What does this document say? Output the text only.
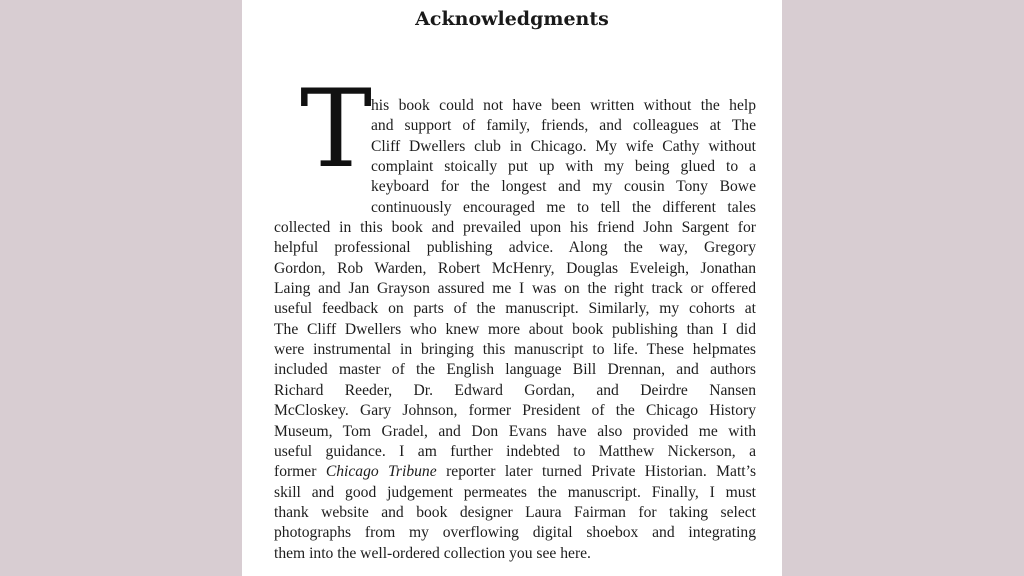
Acknowledgments
T
his book could not have been written without the help
and support of family, friends, and colleagues at The
Cliff Dwellers club in Chicago. My wife Cathy without
complaint stoically put up with my being glued to a
keyboard for the longest and my cousin Tony Bowe
continuously encouraged me to tell the different tales
collected in this book and prevailed upon his friend John Sargent for
helpful professional publishing advice. Along the way, Gregory
Gordon, Rob Warden, Robert McHenry, Douglas Eveleigh, Jonathan
Laing and Jan Grayson assured me I was on the right track or offered
useful feedback on parts of the manuscript. Similarly, my cohorts at
The Cliff Dwellers who knew more about book publishing than I did
were instrumental in bringing this manuscript to life. These helpmates
included master of the English language Bill Drennan, and authors
Richard Reeder, Dr. Edward Gordan, and Deirdre Nansen
McCloskey. Gary Johnson, former President of the Chicago History
Museum, Tom Gradel, and Don Evans have also provided me with
useful guidance. I am further indebted to Matthew Nickerson, a
former Chicago Tribune reporter later turned Private Historian. Matt’s
skill and good judgement permeates the manuscript. Finally, I must
thank website and book designer Laura Fairman for taking select
photographs from my overflowing digital shoebox and integrating
them into the well-ordered collection you see here.
